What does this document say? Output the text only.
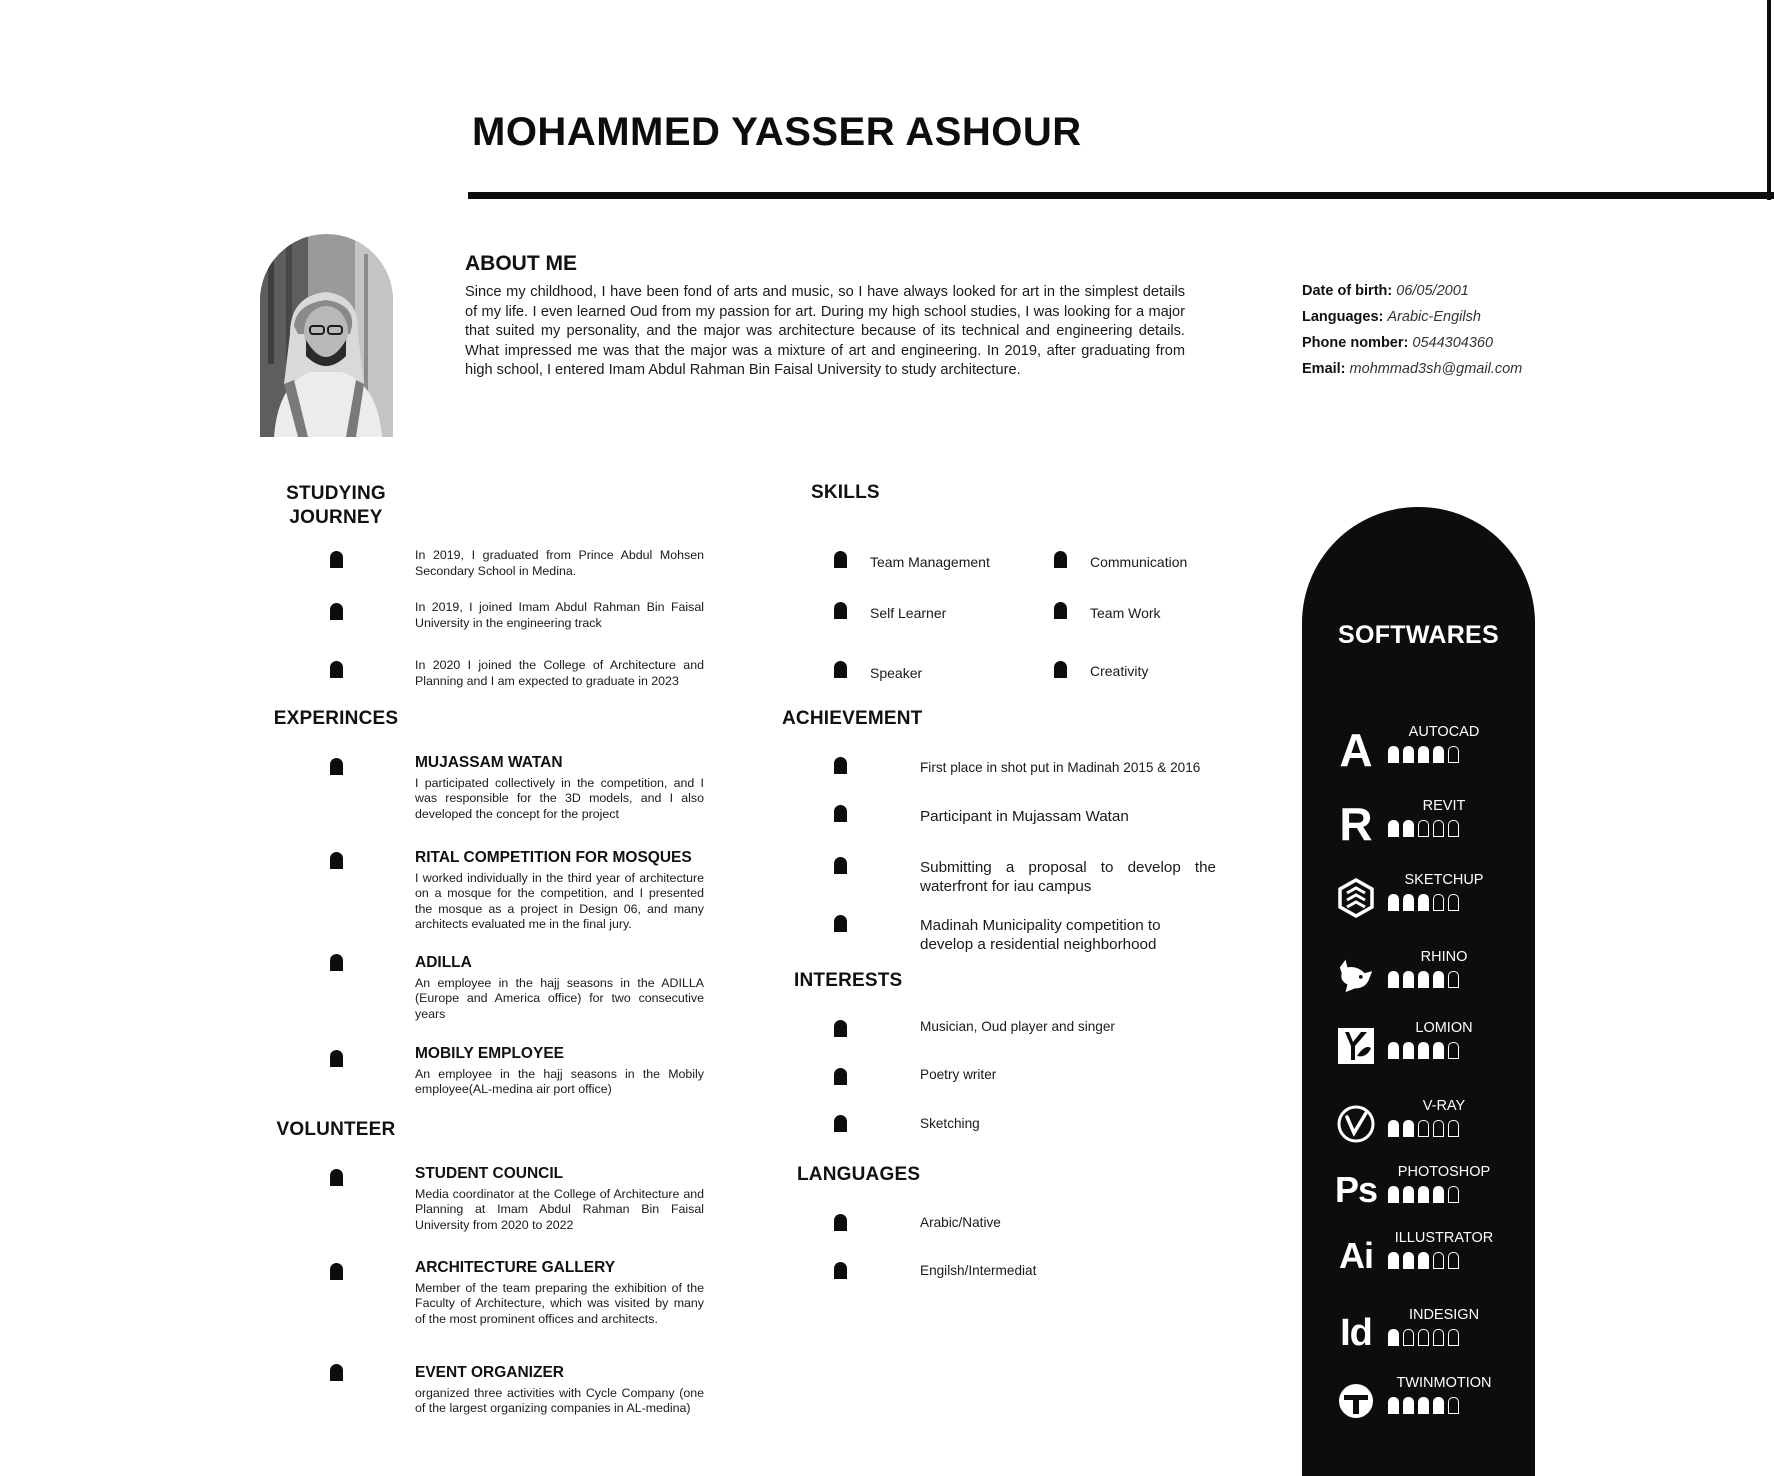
MOHAMMED YASSER ASHOUR
ABOUT ME
Since my childhood, I have been fond of arts and music, so I have always looked for art in the simplest details of my life. I even learned Oud from my passion for art. During my high school studies, I was looking for a major that suited my personality, and the major was architecture because of its technical and engineering details. What impressed me was that the major was a mixture of art and engineering. In 2019, after graduating from high school, I entered Imam Abdul Rahman Bin Faisal University to study architecture.
Date of birth: 06/05/2001
Languages: Arabic-Engilsh
Phone nomber: 0544304360
Email: mohmmad3sh@gmail.com
STUDYING
JOURNEY
In 2019, I graduated from Prince Abdul Mohsen Secondary School in Medina.
In 2019, I joined Imam Abdul Rahman Bin Faisal University in the engineering track
In 2020 I joined the College of Architecture and Planning and I am expected to graduate in 2023
EXPERINCES
MUJASSAM WATAN
I participated collectively in the competition, and I was responsible for the 3D models, and I also developed the concept for the project
RITAL COMPETITION FOR MOSQUES
I worked individually in the third year of architecture on a mosque for the competition, and I presented the mosque as a project in Design 06, and many architects evaluated me in the final jury.
ADILLA
An employee in the hajj seasons in the ADILLA (Europe and America office) for two consecutive years
MOBILY EMPLOYEE
An employee in the hajj seasons in the Mobily employee(AL-medina air port office)
VOLUNTEER
STUDENT COUNCIL
Media coordinator at the College of Architecture and Planning at Imam Abdul Rahman Bin Faisal University from 2020 to 2022
ARCHITECTURE GALLERY
Member of the team preparing the exhibition of the Faculty of Architecture, which was visited by many of the most prominent offices and architects.
EVENT ORGANIZER
organized three activities with Cycle Company (one of the largest organizing companies in AL-medina)
SKILLS
Team Management	Communication
Self Learner	Team Work
Speaker	Creativity
ACHIEVEMENT
First place in shot put in Madinah 2015 & 2016
Participant in Mujassam Watan
Submitting a proposal to develop the waterfront for iau campus
Madinah Municipality competition to develop a residential neighborhood
INTERESTS
Musician, Oud player and singer
Poetry writer
Sketching
LANGUAGES
Arabic/Native
Engilsh/Intermediat
SOFTWARES
A	AUTOCAD
R	REVIT
SKETCHUP
RHINO
LOMION
V-RAY
Ps	PHOTOSHOP
Ai	ILLUSTRATOR
Id	INDESIGN
TWINMOTION
